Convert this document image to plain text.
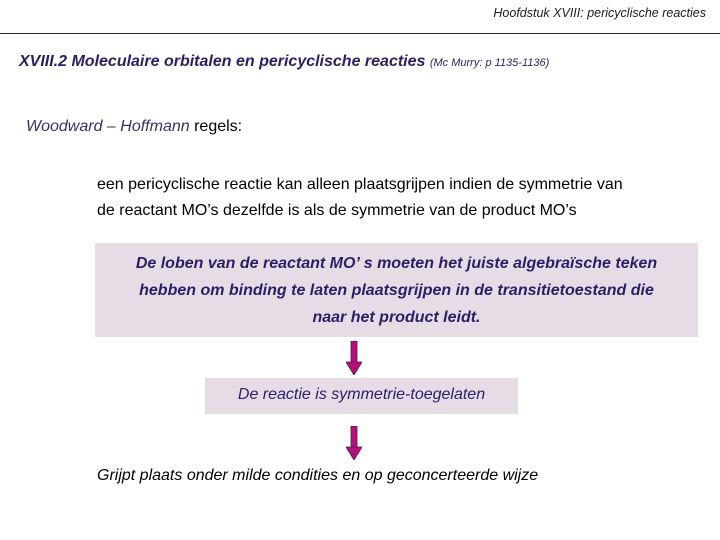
Hoofdstuk XVIII: pericyclische reacties
XVIII.2 Moleculaire orbitalen en pericyclische reacties (Mc Murry: p 1135-1136)
Woodward – Hoffmann regels:
een pericyclische reactie kan alleen plaatsgrijpen indien de symmetrie van
de reactant MO’s dezelfde is als de symmetrie van de product MO’s
De loben van de reactant MO’ s moeten het juiste algebraïsche teken
hebben om binding te laten plaatsgrijpen in de transitietoestand die
naar het product leidt.
De reactie is symmetrie-toegelaten
Grijpt plaats onder milde condities en op geconcerteerde wijze
